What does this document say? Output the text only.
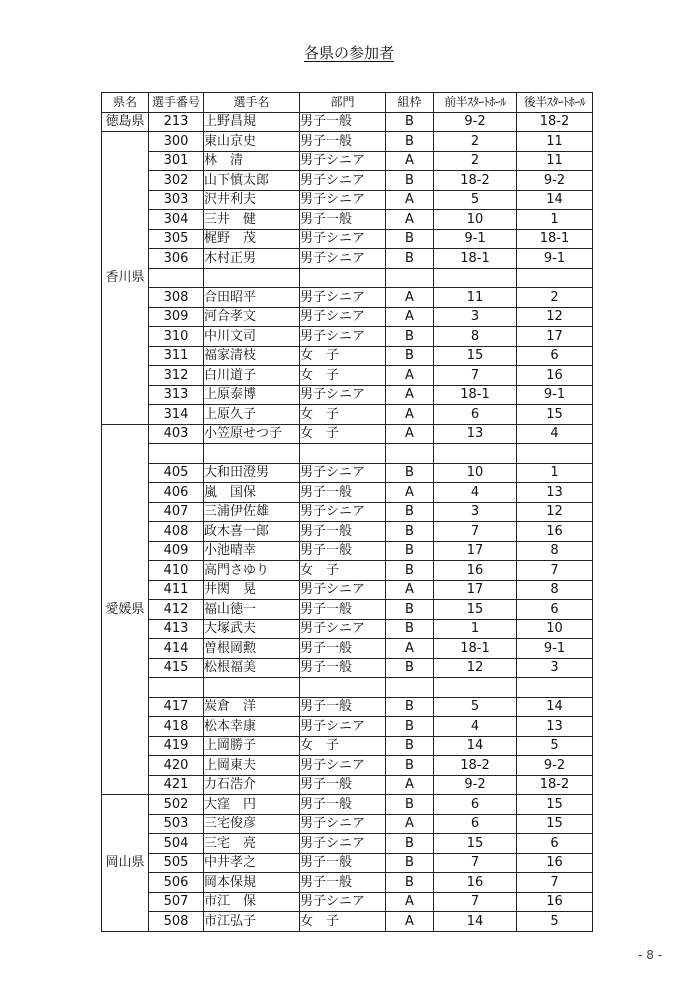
各県の参加者
県名	選手番号	選手名	部門	組枠	前半ｽﾀｰﾄﾎｰﾙ	後半ｽﾀｰﾄﾎｰﾙ
徳島県	213	上野昌規	男子一般	B	9-2	18-2
香川県	300	東山京史	男子一般	B	2	11
	301	林　清	男子シニア	A	2	11
	302	山下慎太郎	男子シニア	B	18-2	9-2
	303	沢井利夫	男子シニア	A	5	14
	304	三井　健	男子一般	A	10	1
	305	梶野　茂	男子シニア	B	9-1	18-1
	306	木村正男	男子シニア	B	18-1	9-1

	308	合田昭平	男子シニア	A	11	2
	309	河合孝文	男子シニア	A	3	12
	310	中川文司	男子シニア	B	8	17
	311	福家清枝	女　子	B	15	6
	312	白川道子	女　子	A	7	16
	313	上原泰博	男子シニア	A	18-1	9-1
	314	上原久子	女　子	A	6	15
愛媛県	403	小笠原せつ子	女　子	A	13	4

	405	大和田澄男	男子シニア	B	10	1
	406	嵐　国保	男子一般	A	4	13
	407	三浦伊佐雄	男子シニア	B	3	12
	408	政木喜一郎	男子一般	B	7	16
	409	小池晴幸	男子一般	B	17	8
	410	高門さゆり	女　子	B	16	7
	411	井関　晃	男子シニア	A	17	8
	412	福山徳一	男子一般	B	15	6
	413	大塚武夫	男子シニア	B	1	10
	414	曽根岡勲	男子一般	A	18-1	9-1
	415	松根福美	男子一般	B	12	3

	417	炭倉　洋	男子一般	B	5	14
	418	松本幸康	男子シニア	B	4	13
	419	上岡勝子	女　子	B	14	5
	420	上岡東夫	男子シニア	B	18-2	9-2
	421	力石浩介	男子一般	A	9-2	18-2
岡山県	502	大窪　円	男子一般	B	6	15
	503	三宅俊彦	男子シニア	A	6	15
	504	三宅　亮	男子シニア	B	15	6
	505	中井孝之	男子一般	B	7	16
	506	岡本保規	男子一般	B	16	7
	507	市江　保	男子シニア	A	7	16
	508	市江弘子	女　子	A	14	5
- 8 -
